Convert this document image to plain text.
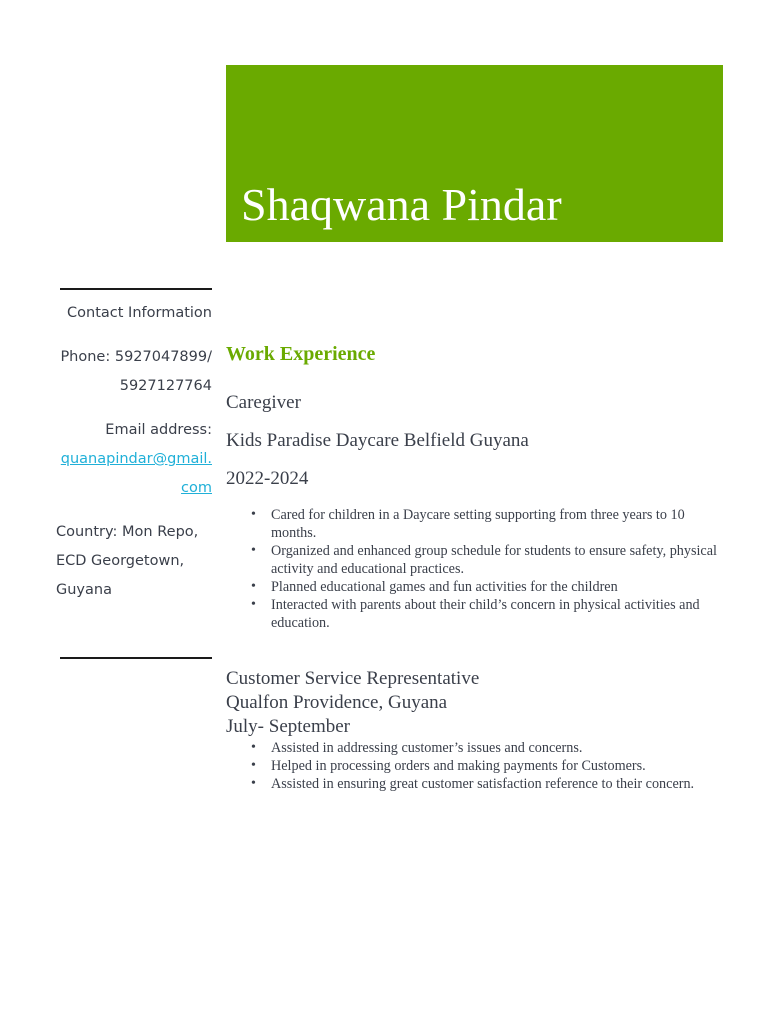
Shaqwana Pindar
Contact Information
Phone: 5927047899/
5927127764
Email address:
quanapindar@gmail.
com
Country: Mon Repo,
ECD Georgetown,
Guyana
Work Experience
Caregiver
Kids Paradise Daycare Belfield Guyana
2022-2024
• Cared for children in a Daycare setting supporting from three years to 10 months.
• Organized and enhanced group schedule for students to ensure safety, physical activity and educational practices.
• Planned educational games and fun activities for the children
• Interacted with parents about their child’s concern in physical activities and education.
Customer Service Representative
Qualfon Providence, Guyana
July- September
• Assisted in addressing customer’s issues and concerns.
• Helped in processing orders and making payments for Customers.
• Assisted in ensuring great customer satisfaction reference to their concern.
